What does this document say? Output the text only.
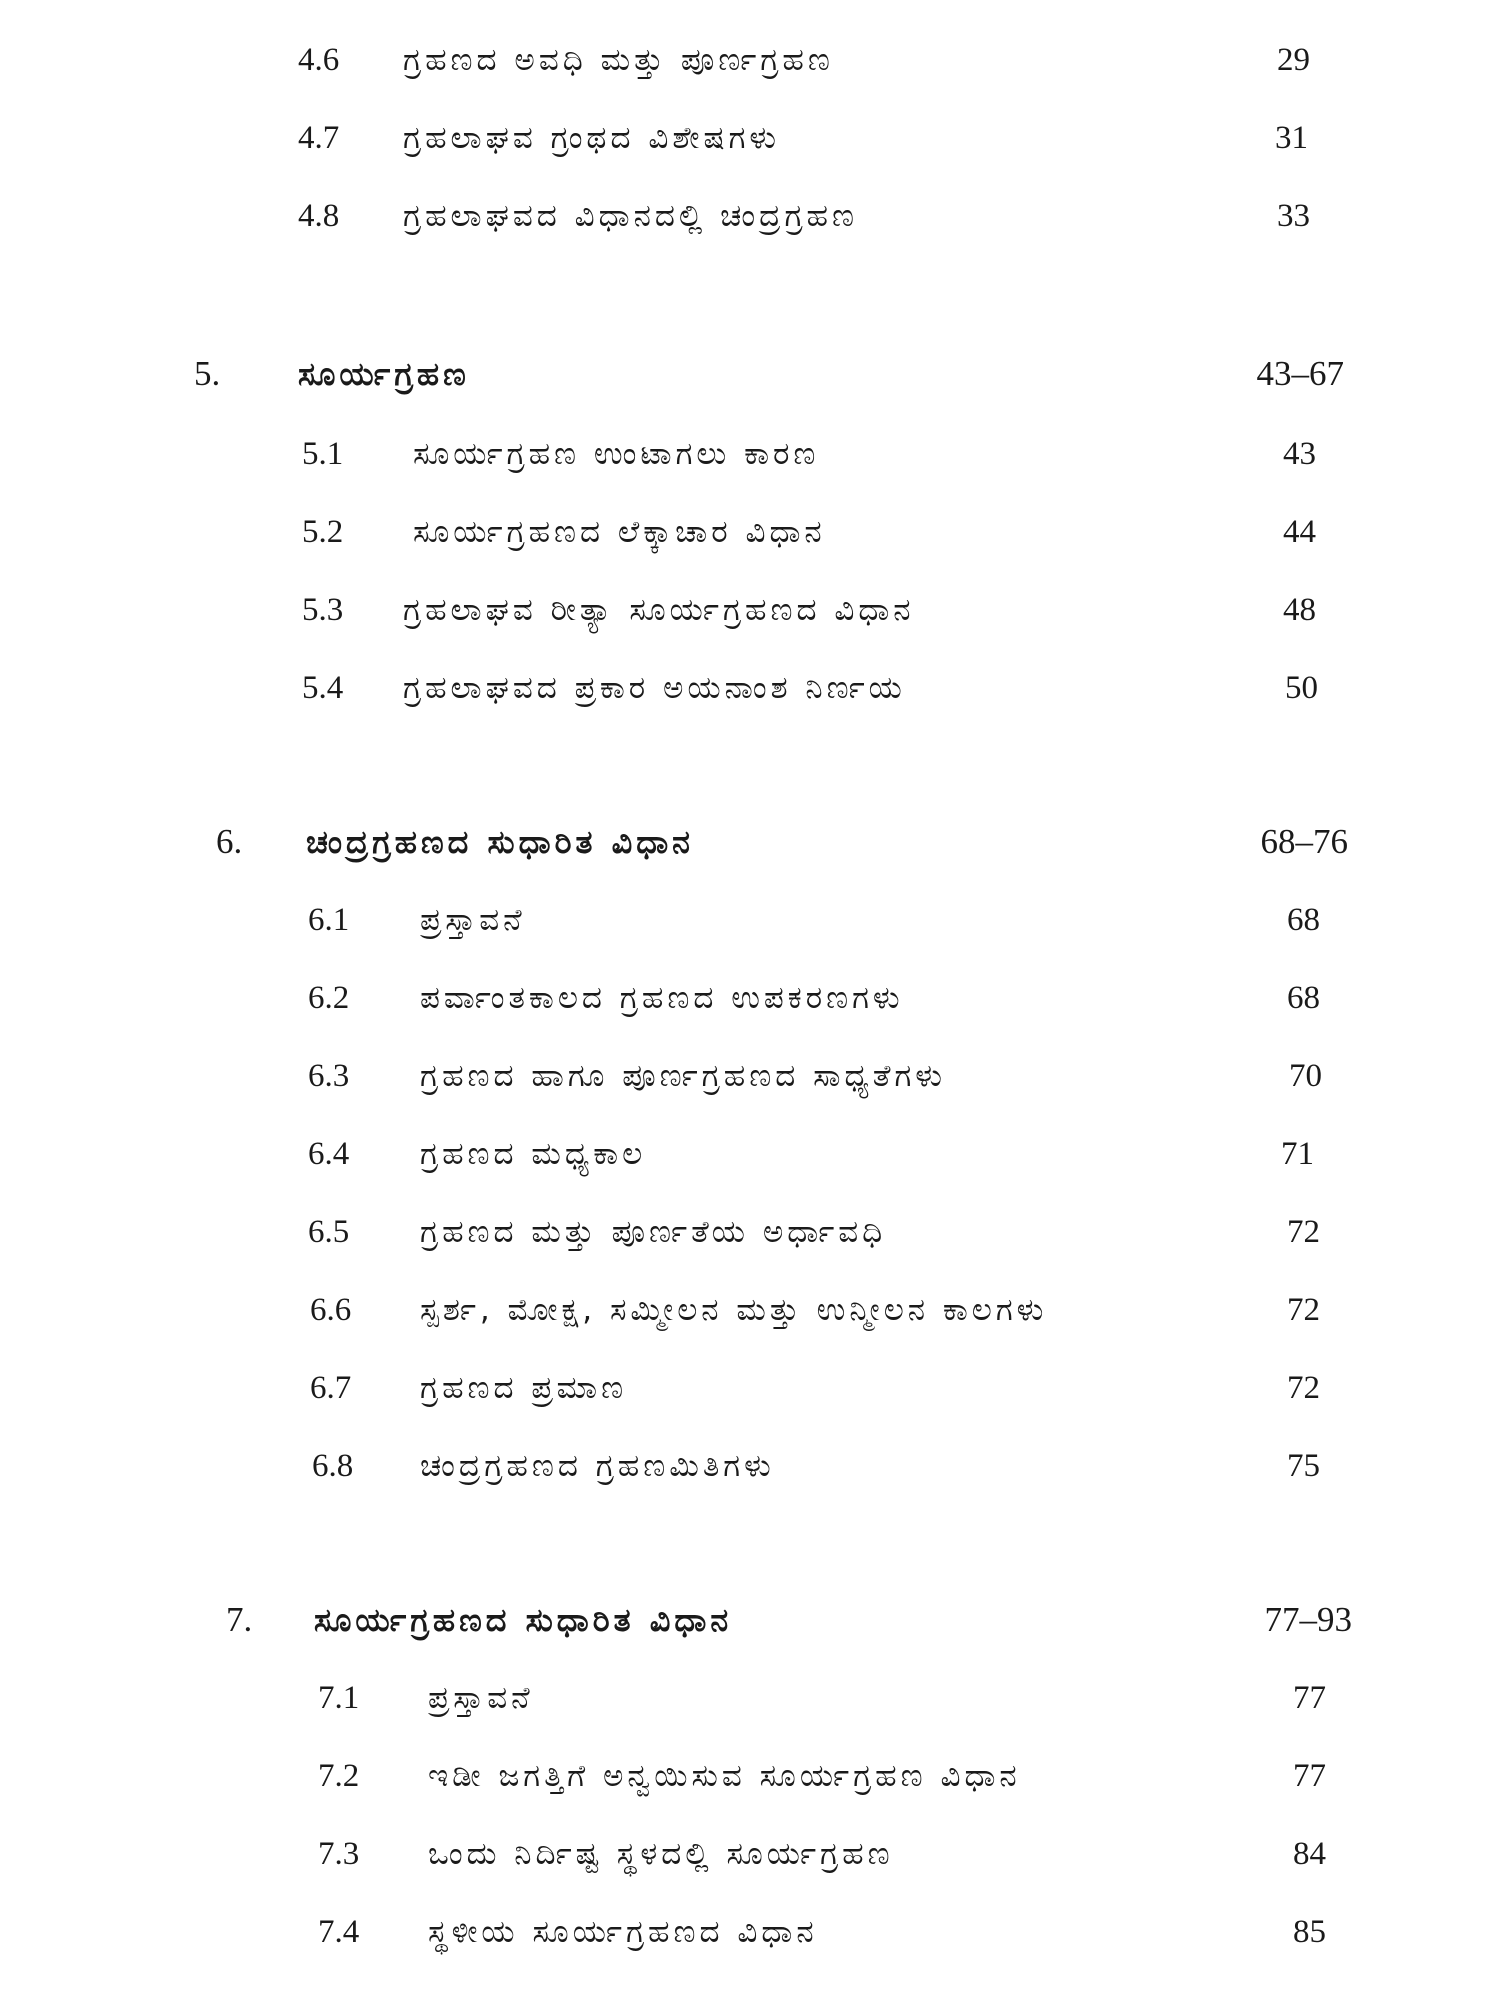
4.6 ಗ್ರಹಣದ ಅವಧಿ ಮತ್ತು ಪೂರ್ಣಗ್ರಹಣ	29
4.7 ಗ್ರಹಲಾಘವ ಗ್ರಂಥದ ವಿಶೇಷಗಳು	31
4.8 ಗ್ರಹಲಾಘವದ ವಿಧಾನದಲ್ಲಿ ಚಂದ್ರಗ್ರಹಣ	33
5. ಸೂರ್ಯಗ್ರಹಣ	43–67
5.1 ಸೂರ್ಯಗ್ರಹಣ ಉಂಟಾಗಲು ಕಾರಣ	43
5.2 ಸೂರ್ಯಗ್ರಹಣದ ಲೆಕ್ಕಾಚಾರ ವಿಧಾನ	44
5.3 ಗ್ರಹಲಾಘವ ರೀತ್ಯಾ ಸೂರ್ಯಗ್ರಹಣದ ವಿಧಾನ	48
5.4 ಗ್ರಹಲಾಘವದ ಪ್ರಕಾರ ಅಯನಾಂಶ ನಿರ್ಣಯ	50
6. ಚಂದ್ರಗ್ರಹಣದ ಸುಧಾರಿತ ವಿಧಾನ	68–76
6.1 ಪ್ರಸ್ತಾವನೆ	68
6.2 ಪರ್ವಾಂತಕಾಲದ ಗ್ರಹಣದ ಉಪಕರಣಗಳು	68
6.3 ಗ್ರಹಣದ ಹಾಗೂ ಪೂರ್ಣಗ್ರಹಣದ ಸಾಧ್ಯತೆಗಳು	70
6.4 ಗ್ರಹಣದ ಮಧ್ಯಕಾಲ	71
6.5 ಗ್ರಹಣದ ಮತ್ತು ಪೂರ್ಣತೆಯ ಅರ್ಧಾವಧಿ	72
6.6 ಸ್ಪರ್ಶ, ಮೋಕ್ಷ, ಸಮ್ಮೀಲನ ಮತ್ತು ಉನ್ಮೀಲನ ಕಾಲಗಳು	72
6.7 ಗ್ರಹಣದ ಪ್ರಮಾಣ	72
6.8 ಚಂದ್ರಗ್ರಹಣದ ಗ್ರಹಣಮಿತಿಗಳು	75
7. ಸೂರ್ಯಗ್ರಹಣದ ಸುಧಾರಿತ ವಿಧಾನ	77–93
7.1 ಪ್ರಸ್ತಾವನೆ	77
7.2 ಇಡೀ ಜಗತ್ತಿಗೆ ಅನ್ವಯಿಸುವ ಸೂರ್ಯಗ್ರಹಣ ವಿಧಾನ	77
7.3 ಒಂದು ನಿರ್ದಿಷ್ಟ ಸ್ಥಳದಲ್ಲಿ ಸೂರ್ಯಗ್ರಹಣ	84
7.4 ಸ್ಥಳೀಯ ಸೂರ್ಯಗ್ರಹಣದ ವಿಧಾನ	85
